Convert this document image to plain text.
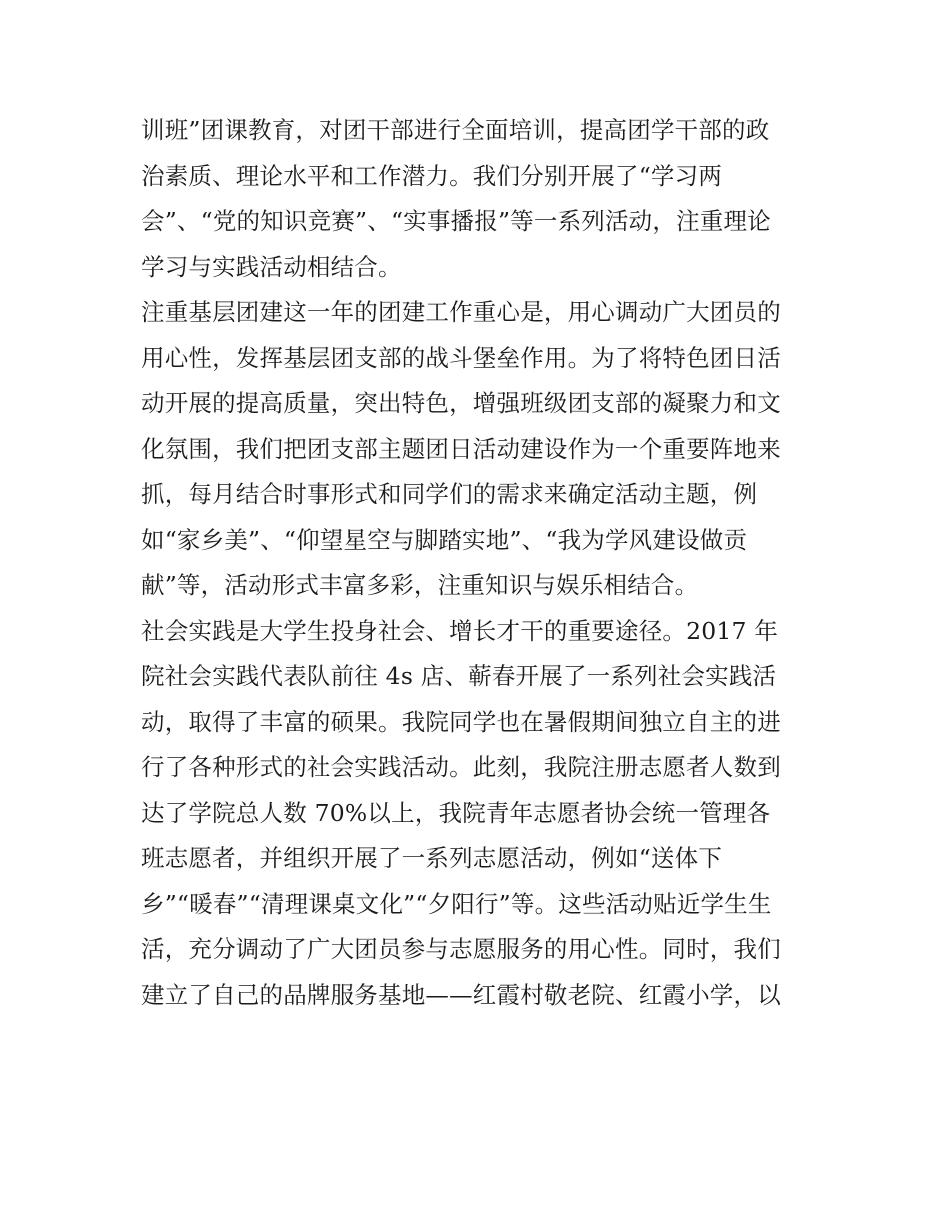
训班”团课教育，对团干部进行全面培训，提高团学干部的政
治素质、理论水平和工作潜力。我们分别开展了“学习两
会”、“党的知识竞赛”、“实事播报”等一系列活动，注重理论
学习与实践活动相结合。
注重基层团建这一年的团建工作重心是，用心调动广大团员的
用心性，发挥基层团支部的战斗堡垒作用。为了将特色团日活
动开展的提高质量，突出特色，增强班级团支部的凝聚力和文
化氛围，我们把团支部主题团日活动建设作为一个重要阵地来
抓，每月结合时事形式和同学们的需求来确定活动主题，例
如“家乡美”、“仰望星空与脚踏实地”、“我为学风建设做贡
献”等，活动形式丰富多彩，注重知识与娱乐相结合。
社会实践是大学生投身社会、增长才干的重要途径。2017 年
院社会实践代表队前往 4s 店、蕲春开展了一系列社会实践活
动，取得了丰富的硕果。我院同学也在暑假期间独立自主的进
行了各种形式的社会实践活动。此刻，我院注册志愿者人数到
达了学院总人数 70%以上，我院青年志愿者协会统一管理各
班志愿者，并组织开展了一系列志愿活动，例如“送体下
乡”“暖春”“清理课桌文化”“夕阳行”等。这些活动贴近学生生
活，充分调动了广大团员参与志愿服务的用心性。同时，我们
建立了自己的品牌服务基地——红霞村敬老院、红霞小学，以
